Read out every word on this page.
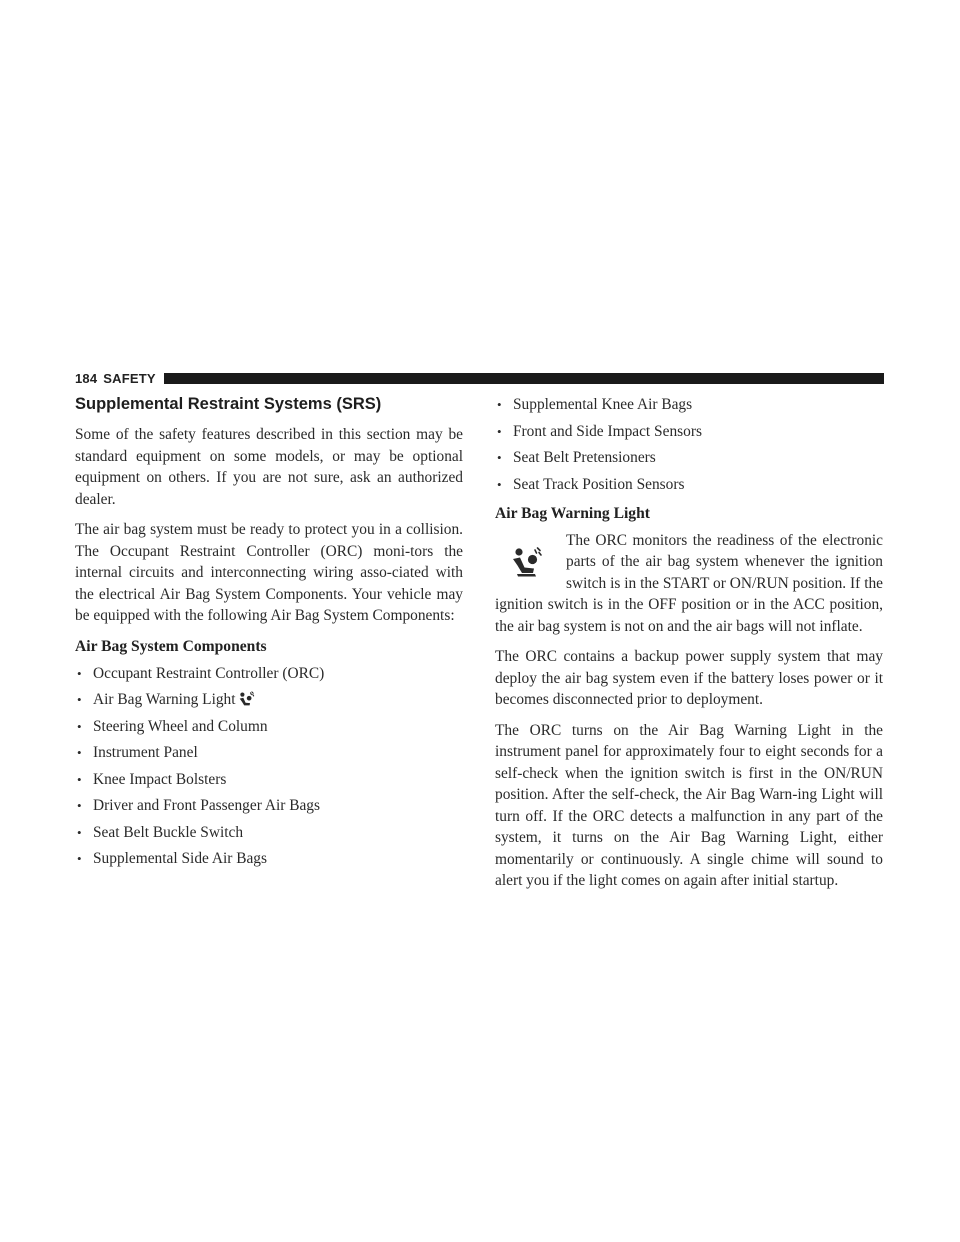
184 SAFETY
Supplemental Restraint Systems (SRS)

Some of the safety features described in this section may be standard equipment on some models, or may be optional equipment on others. If you are not sure, ask an authorized dealer.

The air bag system must be ready to protect you in a collision. The Occupant Restraint Controller (ORC) moni-tors the internal circuits and interconnecting wiring asso-ciated with the electrical Air Bag System Components. Your vehicle may be equipped with the following Air Bag System Components:

Air Bag System Components
• Occupant Restraint Controller (ORC)
• Air Bag Warning Light
• Steering Wheel and Column
• Instrument Panel
• Knee Impact Bolsters
• Driver and Front Passenger Air Bags
• Seat Belt Buckle Switch
• Supplemental Side Air Bags
• Supplemental Knee Air Bags
• Front and Side Impact Sensors
• Seat Belt Pretensioners
• Seat Track Position Sensors
Air Bag Warning Light

The ORC monitors the readiness of the electronic parts of the air bag system whenever the ignition switch is in the START or ON/RUN position. If the ignition switch is in the OFF position or in the ACC position, the air bag system is not on and the air bags will not inflate.

The ORC contains a backup power supply system that may deploy the air bag system even if the battery loses power or it becomes disconnected prior to deployment.

The ORC turns on the Air Bag Warning Light in the instrument panel for approximately four to eight seconds for a self-check when the ignition switch is first in the ON/RUN position. After the self-check, the Air Bag Warn-ing Light will turn off. If the ORC detects a malfunction in any part of the system, it turns on the Air Bag Warning Light, either momentarily or continuously. A single chime will sound to alert you if the light comes on again after initial startup.
